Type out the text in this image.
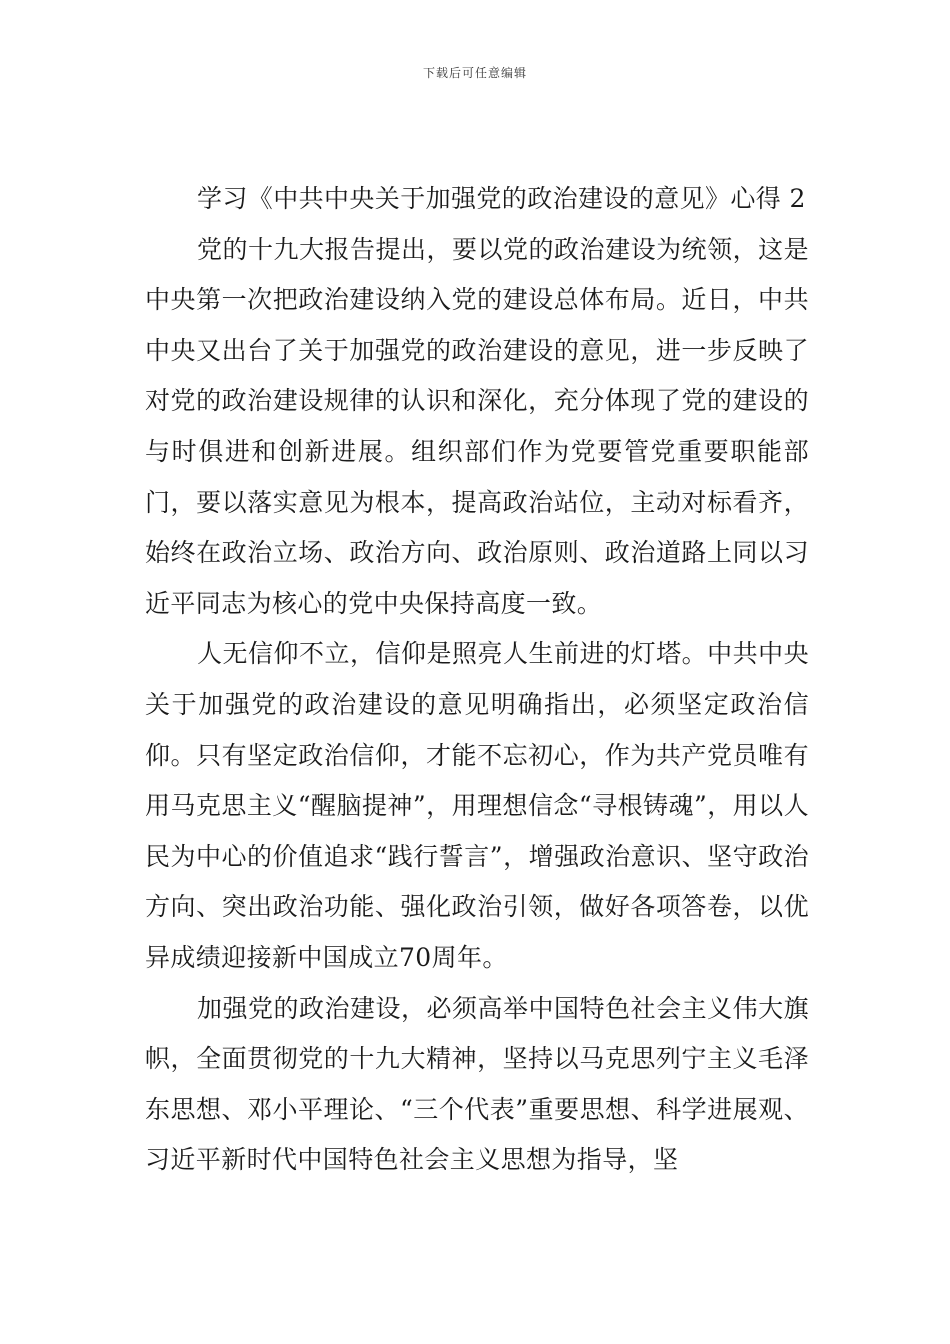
下载后可任意编辑
学习《中共中央关于加强党的政治建设的意见》心得 2

党的十九大报告提出，要以党的政治建设为统领，这是中央第一次把政治建设纳入党的建设总体布局。近日，中共中央又出台了关于加强党的政治建设的意见，进一步反映了对党的政治建设规律的认识和深化，充分体现了党的建设的与时俱进和创新进展。组织部们作为党要管党重要职能部门，要以落实意见为根本，提高政治站位，主动对标看齐，始终在政治立场、政治方向、政治原则、政治道路上同以习近平同志为核心的党中央保持高度一致。

人无信仰不立，信仰是照亮人生前进的灯塔。中共中央关于加强党的政治建设的意见明确指出，必须坚定政治信仰。只有坚定政治信仰，才能不忘初心，作为共产党员唯有用马克思主义“醒脑提神”，用理想信念“寻根铸魂”，用以人民为中心的价值追求“践行誓言”，增强政治意识、坚守政治方向、突出政治功能、强化政治引领，做好各项答卷，以优异成绩迎接新中国成立70周年。

加强党的政治建设，必须高举中国特色社会主义伟大旗帜，全面贯彻党的十九大精神，坚持以马克思列宁主义毛泽东思想、邓小平理论、“三个代表”重要思想、科学进展观、习近平新时代中国特色社会主义思想为指导，坚
